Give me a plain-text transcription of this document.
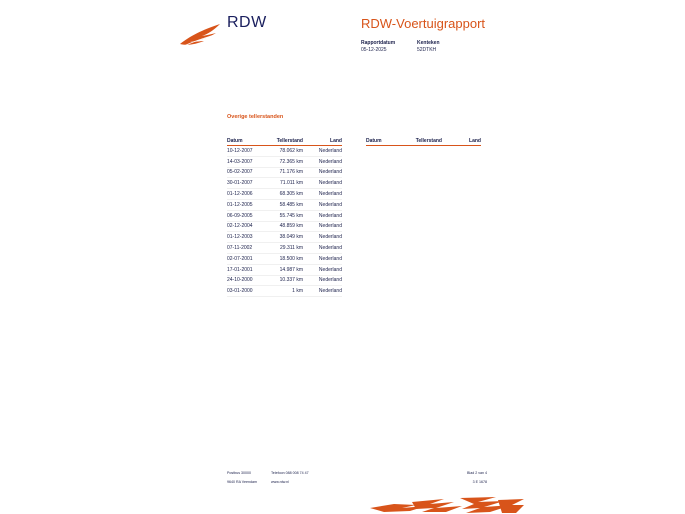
RDW	RDW-Voertuigrapport
Rapportdatum
05-12-2025
Kenteken
52DTKH
Overige tellerstanden
Datum	Tellerstand	Land
10-12-2007	78.062 km	Nederland
14-03-2007	72.365 km	Nederland
05-02-2007	71.176 km	Nederland
30-01-2007	71.011 km	Nederland
01-12-2006	68.305 km	Nederland
01-12-2005	58.485 km	Nederland
06-09-2005	55.745 km	Nederland
02-12-2004	48.859 km	Nederland
01-12-2003	38.049 km	Nederland
07-11-2002	29.311 km	Nederland
02-07-2001	18.500 km	Nederland
17-01-2001	14.987 km	Nederland
24-10-2000	10.337 km	Nederland
03-01-2000	1 km	Nederland
Datum	Tellerstand	Land
Postbus 30000
9640 RA Veendam
Telefoon 088 008 74 47
www.rdw.nl
Blad 2 van 4
3 E 1678
